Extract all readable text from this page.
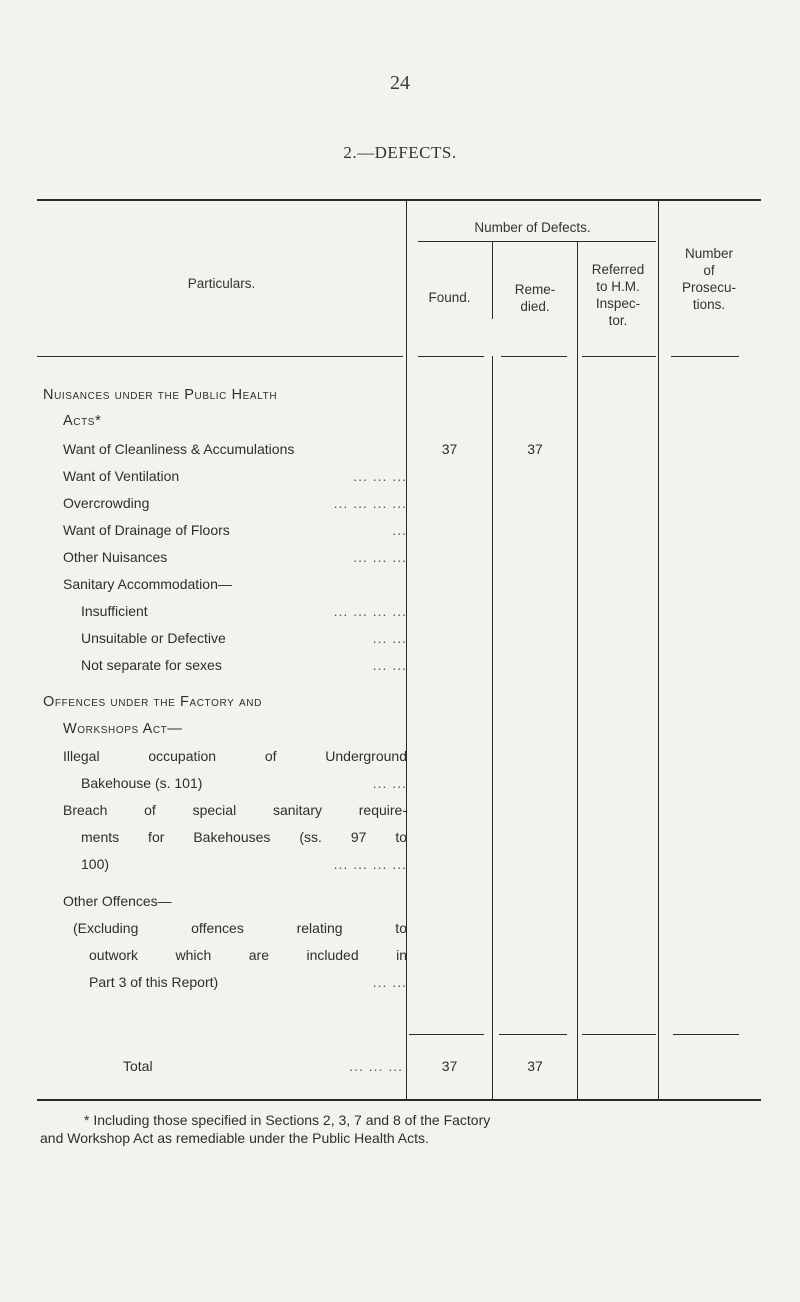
24
2.—DEFECTS.
Particulars.
Number of Defects.
Found.
Reme-
died.
Referred
to H.M.
Inspec-
tor.
Number
of
Prosecu-
tions.
Nuisances under the Public Health
Acts*
Want of Cleanliness & Accumulations	37	37
Want of Ventilation	... ... ...
Overcrowding	... ... ... ...
Want of Drainage of Floors	...
Other Nuisances	... ... ...
Sanitary Accommodation—
Insufficient	... ... ... ...
Unsuitable or Defective	... ...
Not separate for sexes	... ...
Offences under the Factory and
Workshops Act—
Illegal occupation of Underground
Bakehouse (s. 101)	... ...
Breach of special sanitary require-
ments for Bakehouses (ss. 97 to
100)	... ... ... ...
Other Offences—
(Excluding offences relating to
outwork which are included in
Part 3 of this Report)	... ...
Total	... ... ...	37	37
* Including those specified in Sections 2, 3, 7 and 8 of the Factory
and Workshop Act as remediable under the Public Health Acts.
